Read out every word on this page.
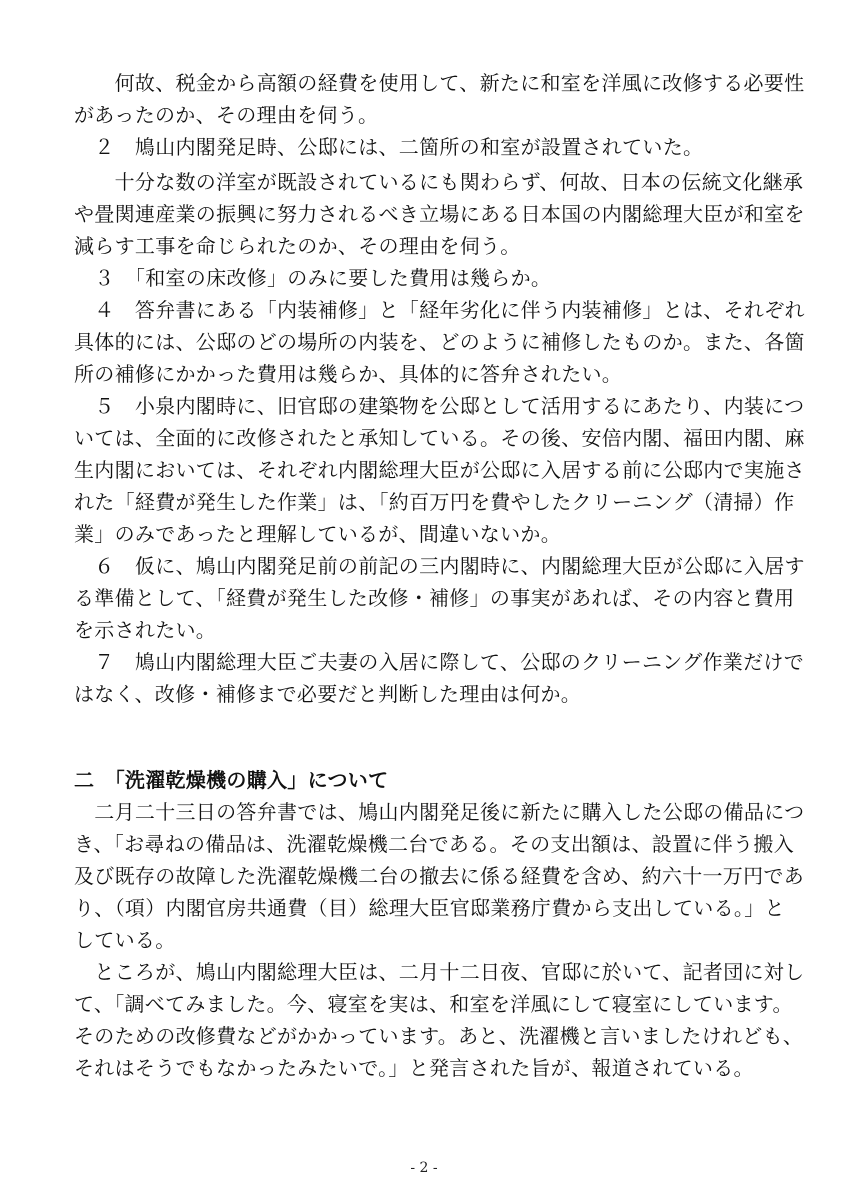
　　何故、税金から高額の経費を使用して、新たに和室を洋風に改修する必要性
があったのか、その理由を伺う。
　２　鳩山内閣発足時、公邸には、二箇所の和室が設置されていた。
　　十分な数の洋室が既設されているにも関わらず、何故、日本の伝統文化継承
や畳関連産業の振興に努力されるべき立場にある日本国の内閣総理大臣が和室を
減らす工事を命じられたのか、その理由を伺う。
　３　「和室の床改修」のみに要した費用は幾らか。
　４　答弁書にある「内装補修」と「経年劣化に伴う内装補修」とは、それぞれ
具体的には、公邸のどの場所の内装を、どのように補修したものか。また、各箇
所の補修にかかった費用は幾らか、具体的に答弁されたい。
　５　小泉内閣時に、旧官邸の建築物を公邸として活用するにあたり、内装につ
いては、全面的に改修されたと承知している。その後、安倍内閣、福田内閣、麻
生内閣においては、それぞれ内閣総理大臣が公邸に入居する前に公邸内で実施さ
れた「経費が発生した作業」は、「約百万円を費やしたクリーニング（清掃）作
業」のみであったと理解しているが、間違いないか。
　６　仮に、鳩山内閣発足前の前記の三内閣時に、内閣総理大臣が公邸に入居す
る準備として、「経費が発生した改修・補修」の事実があれば、その内容と費用
を示されたい。
　７　鳩山内閣総理大臣ご夫妻の入居に際して、公邸のクリーニング作業だけで
はなく、改修・補修まで必要だと判断した理由は何か。
二　「洗濯乾燥機の購入」について
　二月二十三日の答弁書では、鳩山内閣発足後に新たに購入した公邸の備品につ
き、「お尋ねの備品は、洗濯乾燥機二台である。その支出額は、設置に伴う搬入
及び既存の故障した洗濯乾燥機二台の撤去に係る経費を含め、約六十一万円であ
り、（項）内閣官房共通費（目）総理大臣官邸業務庁費から支出している。」と
している。
　ところが、鳩山内閣総理大臣は、二月十二日夜、官邸に於いて、記者団に対し
て、「調べてみました。今、寝室を実は、和室を洋風にして寝室にしています。
そのための改修費などがかかっています。あと、洗濯機と言いましたけれども、
それはそうでもなかったみたいで。」と発言された旨が、報道されている。
- 2 -
